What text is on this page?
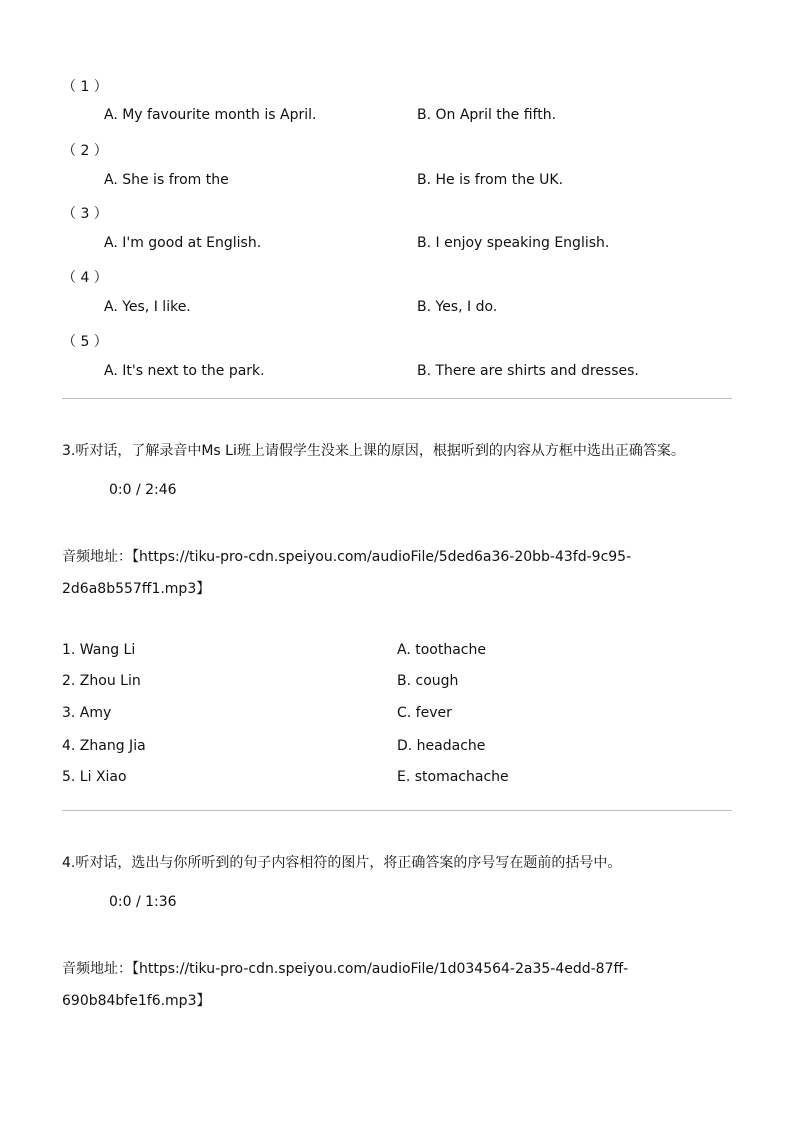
（ 1 ）
A. My favourite month is April.	B. On April the fifth.
（ 2 ）
A. She is from the	B. He is from the UK.
（ 3 ）
A. I'm good at English.	B. I enjoy speaking English.
（ 4 ）
A. Yes, I like.	B. Yes, I do.
（ 5 ）
A. It's next to the park.	B. There are shirts and dresses.
3.听对话，了解录音中Ms Li班上请假学生没来上课的原因，根据听到的内容从方框中选出正确答案。
0:0 / 2:46
音频地址：【https://tiku-pro-cdn.speiyou.com/audioFile/5ded6a36-20bb-43fd-9c95-
2d6a8b557ff1.mp3】
1. Wang Li	A. toothache
2. Zhou Lin	B. cough
3. Amy	C. fever
4. Zhang Jia	D. headache
5. Li Xiao	E. stomachache
4.听对话，选出与你所听到的句子内容相符的图片，将正确答案的序号写在题前的括号中。
0:0 / 1:36
音频地址：【https://tiku-pro-cdn.speiyou.com/audioFile/1d034564-2a35-4edd-87ff-
690b84bfe1f6.mp3】
